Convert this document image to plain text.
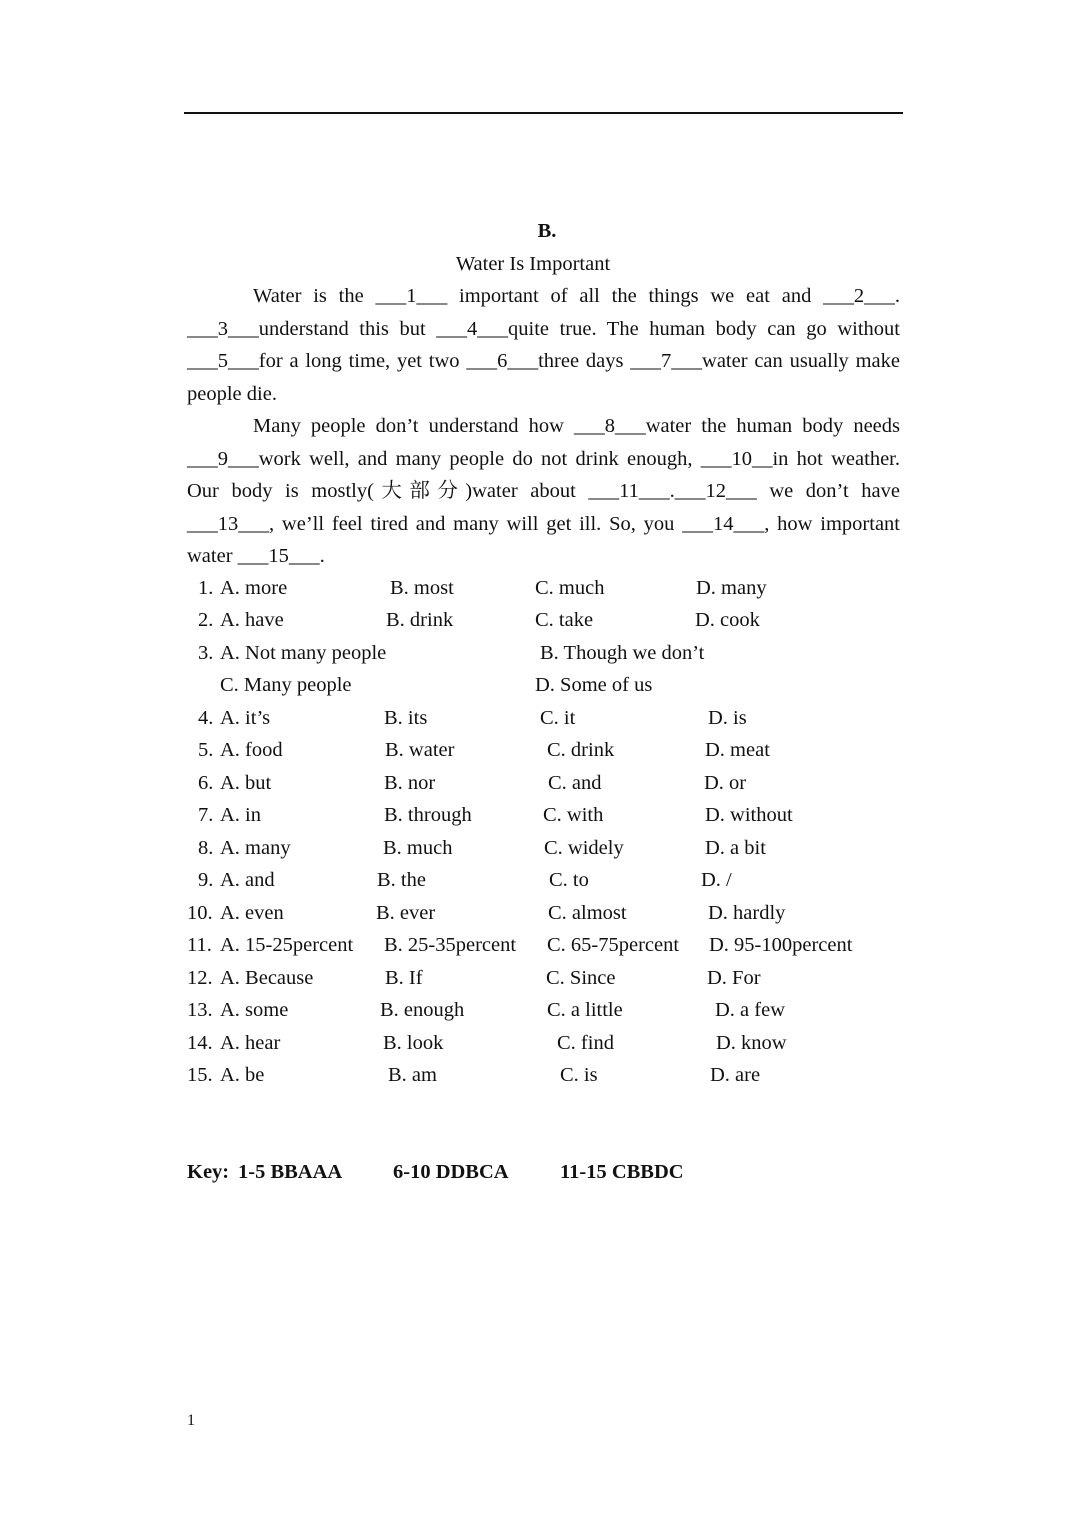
B.
Water Is Important

Water is the ___1___ important of all the things we eat and ___2___. ___3___understand this but ___4___quite true. The human body can go without ___5___for a long time, yet two ___6___three days ___7___water can usually make people die.

Many people don’t understand how ___8___water the human body needs ___9___work well, and many people do not drink enough, ___10__in hot weather. Our body is mostly(大部分)water about ___11___.___12___ we don’t have ___13___, we’ll feel tired and many will get ill. So, you ___14___, how important water ___15___.

1. A. more	B. most	C. much	D. many
2. A. have	B. drink	C. take	D. cook
3. A. Not many people	B. Though we don’t
C. Many people	D. Some of us
4. A. it’s	B. its	C. it	D. is
5. A. food	B. water	C. drink	D. meat
6. A. but	B. nor	C. and	D. or
7. A. in	B. through	C. with	D. without
8. A. many	B. much	C. widely	D. a bit
9. A. and	B. the	C. to	D. /
10. A. even	B. ever	C. almost	D. hardly
11. A. 15-25percent B. 25-35percent C. 65-75percent D. 95-100percent
12. A. Because	B. If	C. Since	D. For
13. A. some	B. enough	C. a little	D. a few
14. A. hear	B. look	C. find	D. know
15. A. be	B. am	C. is	D. are
Key: 1-5 BBAAA 6-10 DDBCA	11-15 CBBDC
1
